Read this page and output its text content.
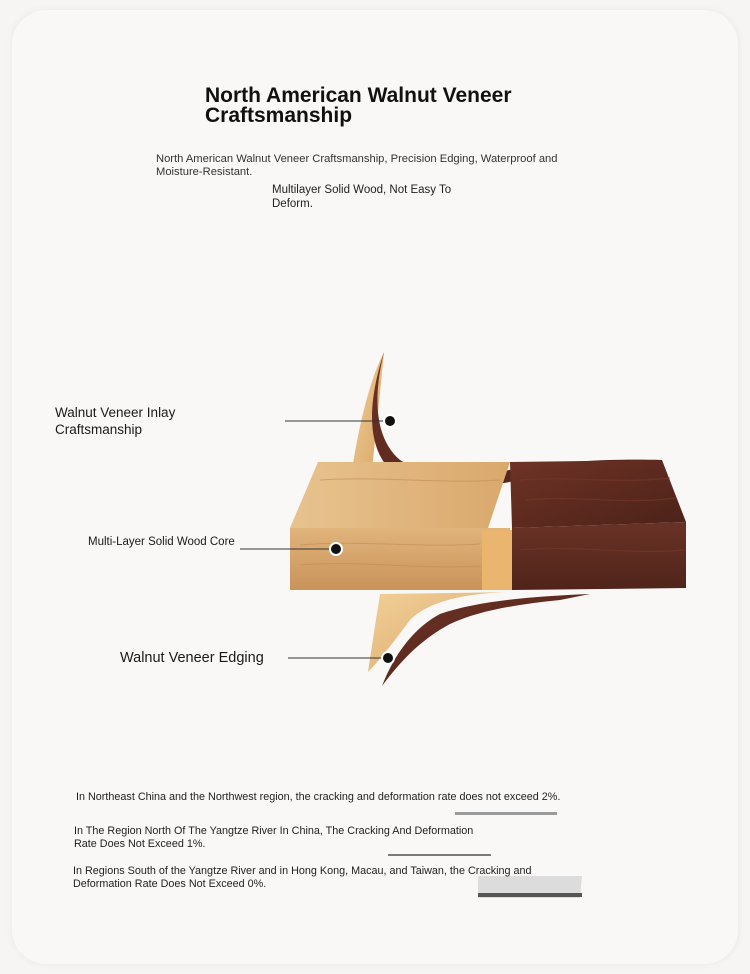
North American Walnut Veneer Craftsmanship
North American Walnut Veneer Craftsmanship, Precision Edging, Waterproof and Moisture-Resistant.
Multilayer Solid Wood, Not Easy To Deform.
Walnut Veneer Inlay Craftsmanship
Multi-Layer Solid Wood Core
Walnut Veneer Edging
In Northeast China and the Northwest region, the cracking and deformation rate does not exceed 2%.
In The Region North Of The Yangtze River In China, The Cracking And Deformation Rate Does Not Exceed 1%.
In Regions South of the Yangtze River and in Hong Kong, Macau, and Taiwan, the Cracking and Deformation Rate Does Not Exceed 0%.
